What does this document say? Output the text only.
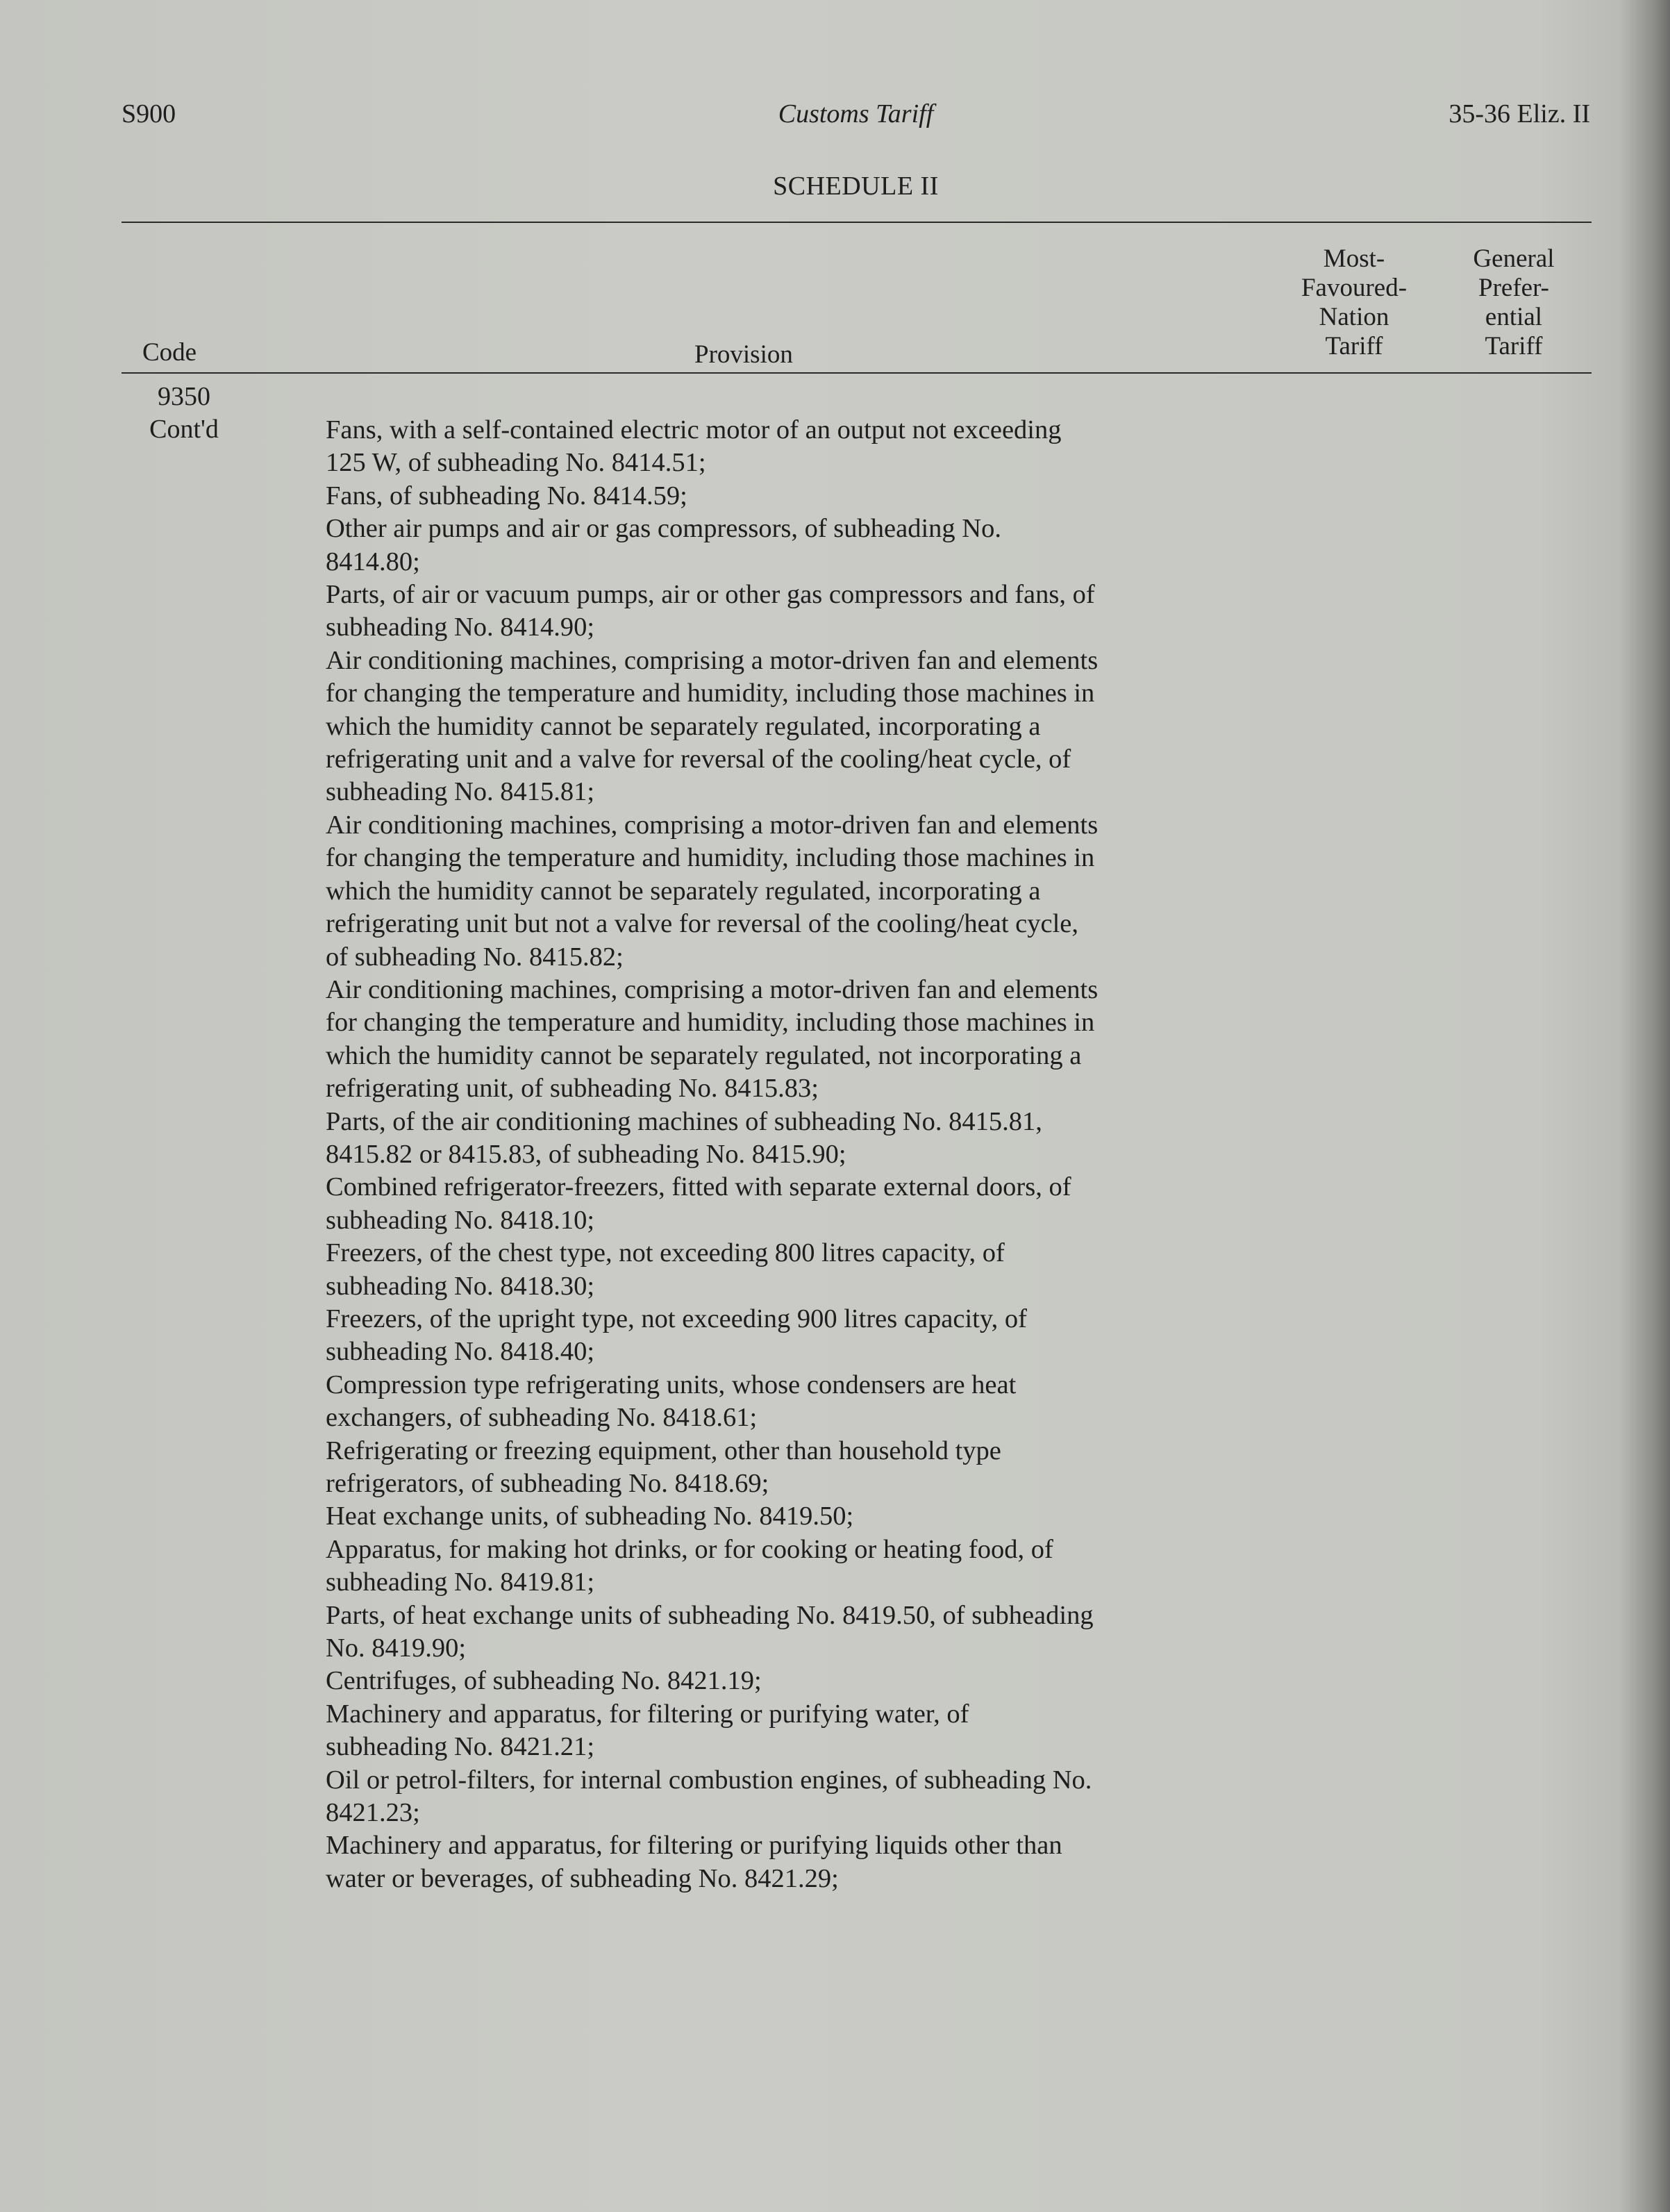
S900	Customs Tariff	35-36 Eliz. II
SCHEDULE II
Code	Provision
Most-
Favoured-
Nation
Tariff
General
Prefer-
ential
Tariff
9350
Cont'd	Fans, with a self-contained electric motor of an output not exceeding
125 W, of subheading No. 8414.51;
Fans, of subheading No. 8414.59;
Other air pumps and air or gas compressors, of subheading No.
8414.80;
Parts, of air or vacuum pumps, air or other gas compressors and fans, of
subheading No. 8414.90;
Air conditioning machines, comprising a motor-driven fan and elements
for changing the temperature and humidity, including those machines in
which the humidity cannot be separately regulated, incorporating a
refrigerating unit and a valve for reversal of the cooling/heat cycle, of
subheading No. 8415.81;
Air conditioning machines, comprising a motor-driven fan and elements
for changing the temperature and humidity, including those machines in
which the humidity cannot be separately regulated, incorporating a
refrigerating unit but not a valve for reversal of the cooling/heat cycle,
of subheading No. 8415.82;
Air conditioning machines, comprising a motor-driven fan and elements
for changing the temperature and humidity, including those machines in
which the humidity cannot be separately regulated, not incorporating a
refrigerating unit, of subheading No. 8415.83;
Parts, of the air conditioning machines of subheading No. 8415.81,
8415.82 or 8415.83, of subheading No. 8415.90;
Combined refrigerator-freezers, fitted with separate external doors, of
subheading No. 8418.10;
Freezers, of the chest type, not exceeding 800 litres capacity, of
subheading No. 8418.30;
Freezers, of the upright type, not exceeding 900 litres capacity, of
subheading No. 8418.40;
Compression type refrigerating units, whose condensers are heat
exchangers, of subheading No. 8418.61;
Refrigerating or freezing equipment, other than household type
refrigerators, of subheading No. 8418.69;
Heat exchange units, of subheading No. 8419.50;
Apparatus, for making hot drinks, or for cooking or heating food, of
subheading No. 8419.81;
Parts, of heat exchange units of subheading No. 8419.50, of subheading
No. 8419.90;
Centrifuges, of subheading No. 8421.19;
Machinery and apparatus, for filtering or purifying water, of
subheading No. 8421.21;
Oil or petrol-filters, for internal combustion engines, of subheading No.
8421.23;
Machinery and apparatus, for filtering or purifying liquids other than
water or beverages, of subheading No. 8421.29;
